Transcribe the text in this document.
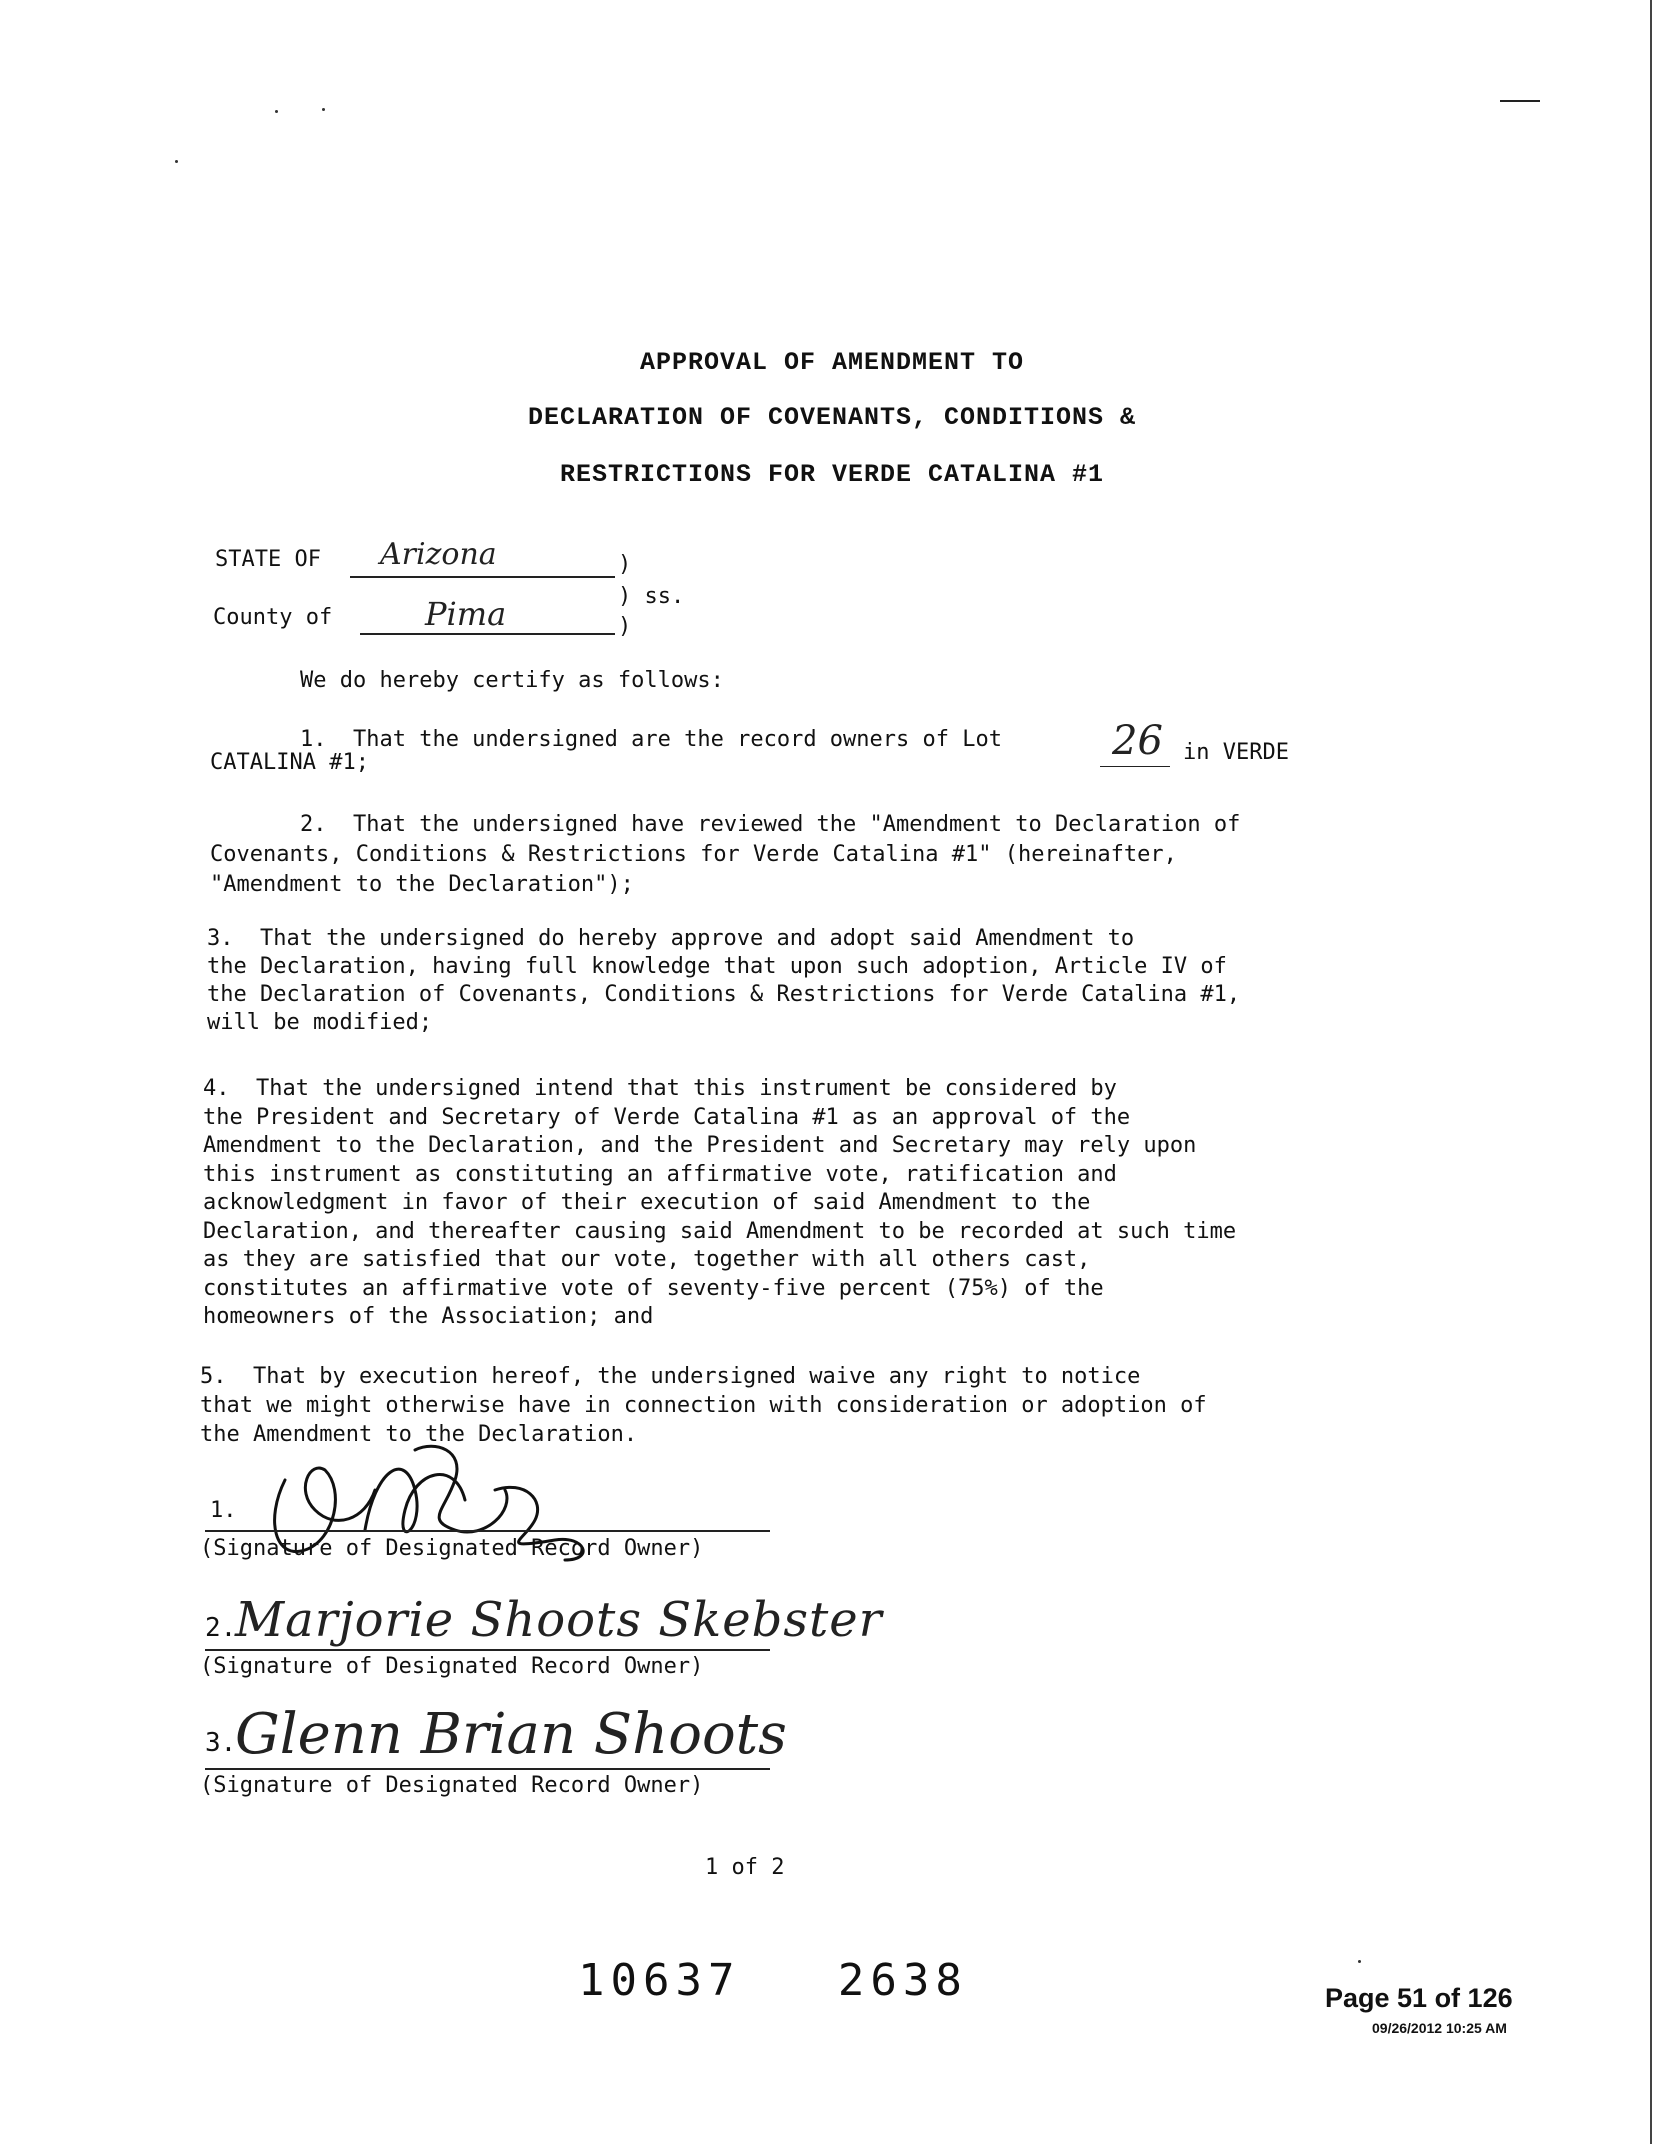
APPROVAL OF AMENDMENT TO
DECLARATION OF COVENANTS, CONDITIONS &
RESTRICTIONS FOR VERDE CATALINA #1
STATE OF Arizona	)
) ss.
County of	Pima	)
We do hereby certify as follows:
1.  That the undersigned are the record owners of Lot	26 in VERDE
CATALINA #1;
2.  That the undersigned have reviewed the "Amendment to Declaration of
Covenants, Conditions & Restrictions for Verde Catalina #1" (hereinafter,
"Amendment to the Declaration");
3.  That the undersigned do hereby approve and adopt said Amendment to
the Declaration, having full knowledge that upon such adoption, Article IV of
the Declaration of Covenants, Conditions & Restrictions for Verde Catalina #1,
will be modified;
4.  That the undersigned intend that this instrument be considered by
the President and Secretary of Verde Catalina #1 as an approval of the
Amendment to the Declaration, and the President and Secretary may rely upon
this instrument as constituting an affirmative vote, ratification and
acknowledgment in favor of their execution of said Amendment to the
Declaration, and thereafter causing said Amendment to be recorded at such time
as they are satisfied that our vote, together with all others cast,
constitutes an affirmative vote of seventy-five percent (75%) of the
homeowners of the Association; and
5.  That by execution hereof, the undersigned waive any right to notice
that we might otherwise have in connection with consideration or adoption of
the Amendment to the Declaration.
1.
(Signature of Designated Record Owner)
2.
Marjorie Shoots Skebster
(Signature of Designated Record Owner)
3.
Glenn Brian Shoots
(Signature of Designated Record Owner)
1 of 2
10637   2638	Page 51 of 126
09/26/2012 10:25 AM
